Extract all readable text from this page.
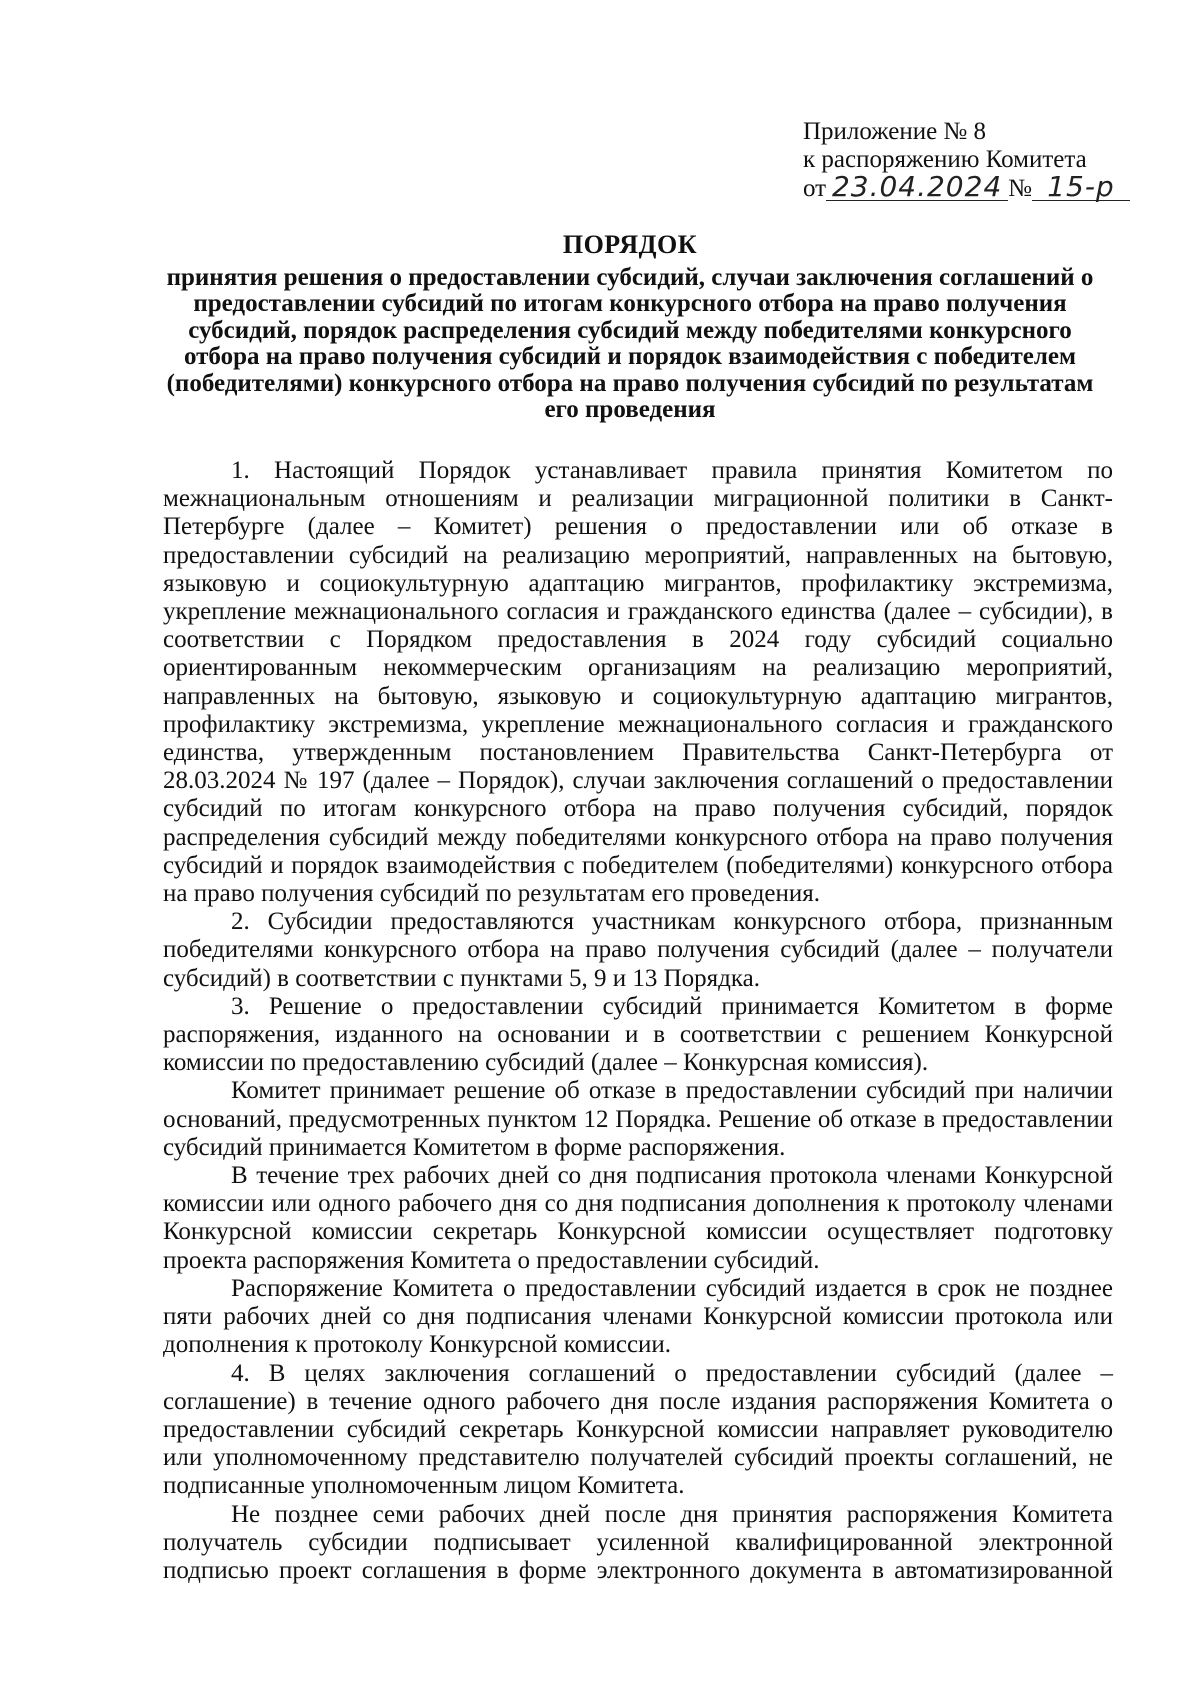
Приложение № 8
к распоряжению Комитета
от 23.04.2024 № 15-р
ПОРЯДОК
принятия решения о предоставлении субсидий, случаи заключения соглашений о предоставлении субсидий по итогам конкурсного отбора на право получения субсидий, порядок распределения субсидий между победителями конкурсного отбора на право получения субсидий и порядок взаимодействия с победителем (победителями) конкурсного отбора на право получения субсидий по результатам его проведения

1. Настоящий Порядок устанавливает правила принятия Комитетом по межнациональным отношениям и реализации миграционной политики в Санкт-Петербурге (далее – Комитет) решения о предоставлении или об отказе в предоставлении субсидий на реализацию мероприятий, направленных на бытовую, языковую и социокультурную адаптацию мигрантов, профилактику экстремизма, укрепление межнационального согласия и гражданского единства (далее – субсидии), в соответствии с Порядком предоставления в 2024 году субсидий социально ориентированным некоммерческим организациям на реализацию мероприятий, направленных на бытовую, языковую и социокультурную адаптацию мигрантов, профилактику экстремизма, укрепление межнационального согласия и гражданского единства, утвержденным постановлением Правительства Санкт-Петербурга от 28.03.2024 № 197 (далее – Порядок), случаи заключения соглашений о предоставлении субсидий по итогам конкурсного отбора на право получения субсидий, порядок распределения субсидий между победителями конкурсного отбора на право получения субсидий и порядок взаимодействия с победителем (победителями) конкурсного отбора на право получения субсидий по результатам его проведения.

2. Субсидии предоставляются участникам конкурсного отбора, признанным победителями конкурсного отбора на право получения субсидий (далее – получатели субсидий) в соответствии с пунктами 5, 9 и 13 Порядка.

3. Решение о предоставлении субсидий принимается Комитетом в форме распоряжения, изданного на основании и в соответствии с решением Конкурсной комиссии по предоставлению субсидий (далее – Конкурсная комиссия).

Комитет принимает решение об отказе в предоставлении субсидий при наличии оснований, предусмотренных пунктом 12 Порядка. Решение об отказе в предоставлении субсидий принимается Комитетом в форме распоряжения.

В течение трех рабочих дней со дня подписания протокола членами Конкурсной комиссии или одного рабочего дня со дня подписания дополнения к протоколу членами Конкурсной комиссии секретарь Конкурсной комиссии осуществляет подготовку проекта распоряжения Комитета о предоставлении субсидий.

Распоряжение Комитета о предоставлении субсидий издается в срок не позднее пяти рабочих дней со дня подписания членами Конкурсной комиссии протокола или дополнения к протоколу Конкурсной комиссии.

4. В целях заключения соглашений о предоставлении субсидий (далее – соглашение) в течение одного рабочего дня после издания распоряжения Комитета о предоставлении субсидий секретарь Конкурсной комиссии направляет руководителю или уполномоченному представителю получателей субсидий проекты соглашений, не подписанные уполномоченным лицом Комитета.

Не позднее семи рабочих дней после дня принятия распоряжения Комитета получатель субсидии подписывает усиленной квалифицированной электронной подписью проект соглашения в форме электронного документа в автоматизированной
